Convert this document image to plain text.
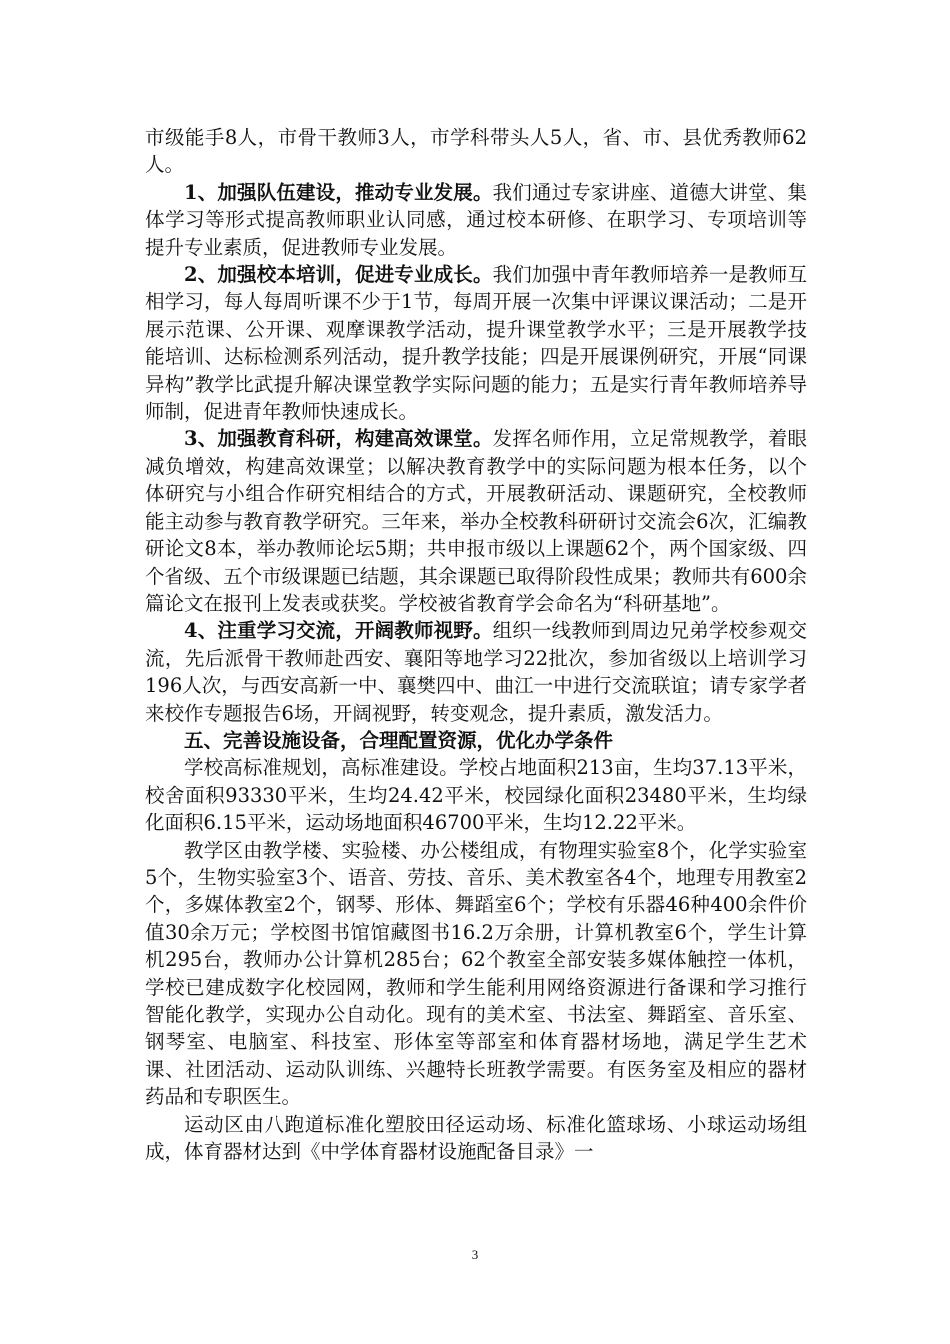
市级能手8人，市骨干教师3人，市学科带头人5人，省、市、县优秀教师62人。

1、加强队伍建设，推动专业发展。我们通过专家讲座、道德大讲堂、集体学习等形式提高教师职业认同感，通过校本研修、在职学习、专项培训等提升专业素质，促进教师专业发展。

2、加强校本培训，促进专业成长。我们加强中青年教师培养一是教师互相学习，每人每周听课不少于1节，每周开展一次集中评课议课活动；二是开展示范课、公开课、观摩课教学活动，提升课堂教学水平；三是开展教学技能培训、达标检测系列活动，提升教学技能；四是开展课例研究，开展“同课异构”教学比武提升解决课堂教学实际问题的能力；五是实行青年教师培养导师制，促进青年教师快速成长。

3、加强教育科研，构建高效课堂。发挥名师作用，立足常规教学，着眼减负增效，构建高效课堂；以解决教育教学中的实际问题为根本任务，以个体研究与小组合作研究相结合的方式，开展教研活动、课题研究，全校教师能主动参与教育教学研究。三年来，举办全校教科研研讨交流会6次，汇编教研论文8本，举办教师论坛5期；共申报市级以上课题62个，两个国家级、四个省级、五个市级课题已结题，其余课题已取得阶段性成果；教师共有600余篇论文在报刊上发表或获奖。学校被省教育学会命名为“科研基地”。

4、注重学习交流，开阔教师视野。组织一线教师到周边兄弟学校参观交流，先后派骨干教师赴西安、襄阳等地学习22批次，参加省级以上培训学习196人次，与西安高新一中、襄樊四中、曲江一中进行交流联谊；请专家学者来校作专题报告6场，开阔视野，转变观念，提升素质，激发活力。

五、完善设施设备，合理配置资源，优化办学条件

学校高标准规划，高标准建设。学校占地面积213亩，生均37.13平米，校舍面积93330平米，生均24.42平米，校园绿化面积23480平米，生均绿化面积6.15平米，运动场地面积46700平米，生均12.22平米。

教学区由教学楼、实验楼、办公楼组成，有物理实验室8个，化学实验室5个，生物实验室3个、语音、劳技、音乐、美术教室各4个，地理专用教室2个，多媒体教室2个，钢琴、形体、舞蹈室6个；学校有乐器46种400余件价值30余万元；学校图书馆馆藏图书16.2万余册，计算机教室6个，学生计算机295台，教师办公计算机285台；62个教室全部安装多媒体触控一体机，学校已建成数字化校园网，教师和学生能利用网络资源进行备课和学习推行智能化教学，实现办公自动化。现有的美术室、书法室、舞蹈室、音乐室、钢琴室、电脑室、科技室、形体室等部室和体育器材场地，满足学生艺术课、社团活动、运动队训练、兴趣特长班教学需要。有医务室及相应的器材药品和专职医生。

运动区由八跑道标准化塑胶田径运动场、标准化篮球场、小球运动场组成，体育器材达到《中学体育器材设施配备目录》一

3
